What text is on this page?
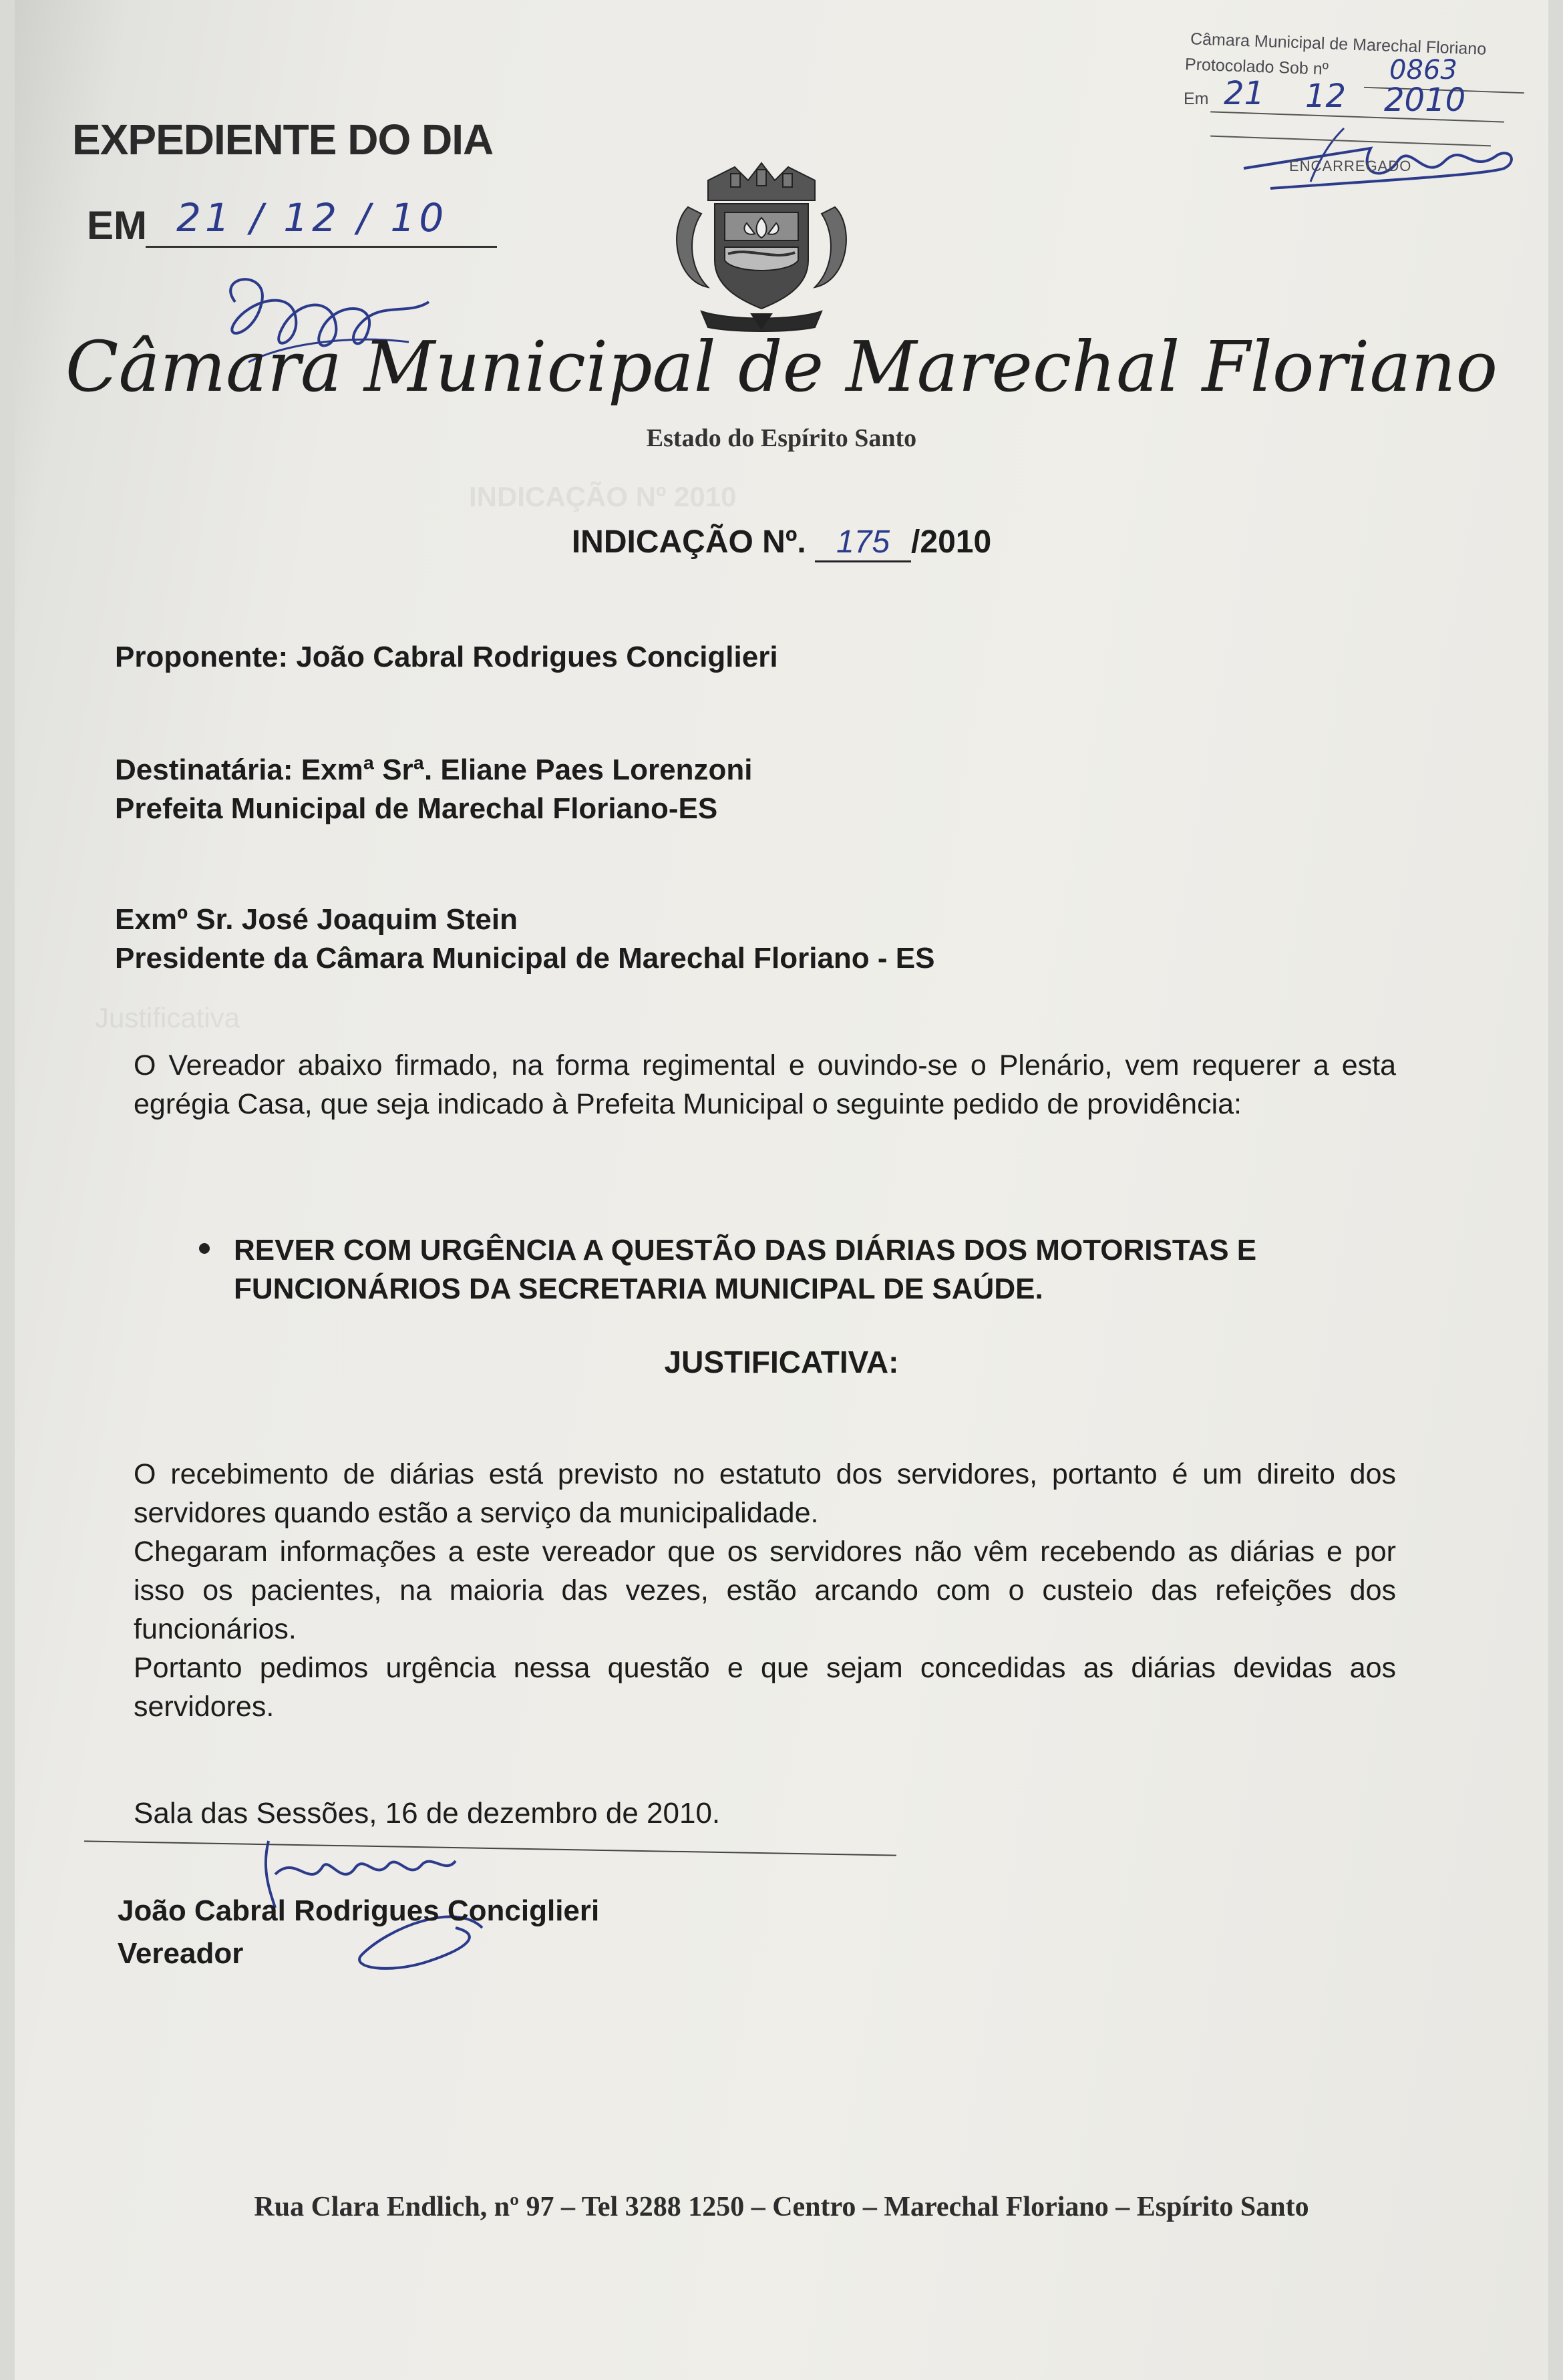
INDICAÇÃO Nº 2010
Justificativa
EXPEDIENTE DO DIA
EM 21 / 12 / 10
Câmara Municipal de Marechal Floriano
Protocolado Sob nº 0863
Em 21 12 2010
ENCARREGADO
Câmara Municipal de Marechal Floriano
Estado do Espírito Santo
INDICAÇÃO Nº. 175 /2010
Proponente: João Cabral Rodrigues Conciglieri
Destinatária: Exmª Srª. Eliane Paes Lorenzoni
Prefeita Municipal de Marechal Floriano-ES
Exmº Sr. José Joaquim Stein
Presidente da Câmara Municipal de Marechal Floriano - ES
O Vereador abaixo firmado, na forma regimental e ouvindo-se o Plenário, vem requerer a esta egrégia Casa, que seja indicado à Prefeita Municipal o seguinte pedido de providência:
REVER COM URGÊNCIA A QUESTÃO DAS DIÁRIAS DOS MOTORISTAS E FUNCIONÁRIOS DA SECRETARIA MUNICIPAL DE SAÚDE.
JUSTIFICATIVA:
O recebimento de diárias está previsto no estatuto dos servidores, portanto é um direito dos servidores quando estão a serviço da municipalidade.
Chegaram informações a este vereador que os servidores não vêm recebendo as diárias e por isso os pacientes, na maioria das vezes, estão arcando com o custeio das refeições dos funcionários.
Portanto pedimos urgência nessa questão e que sejam concedidas as diárias devidas aos servidores.
Sala das Sessões, 16 de dezembro de 2010.
João Cabral Rodrigues Conciglieri
Vereador
Rua Clara Endlich, nº 97 – Tel 3288 1250 – Centro – Marechal Floriano – Espírito Santo
